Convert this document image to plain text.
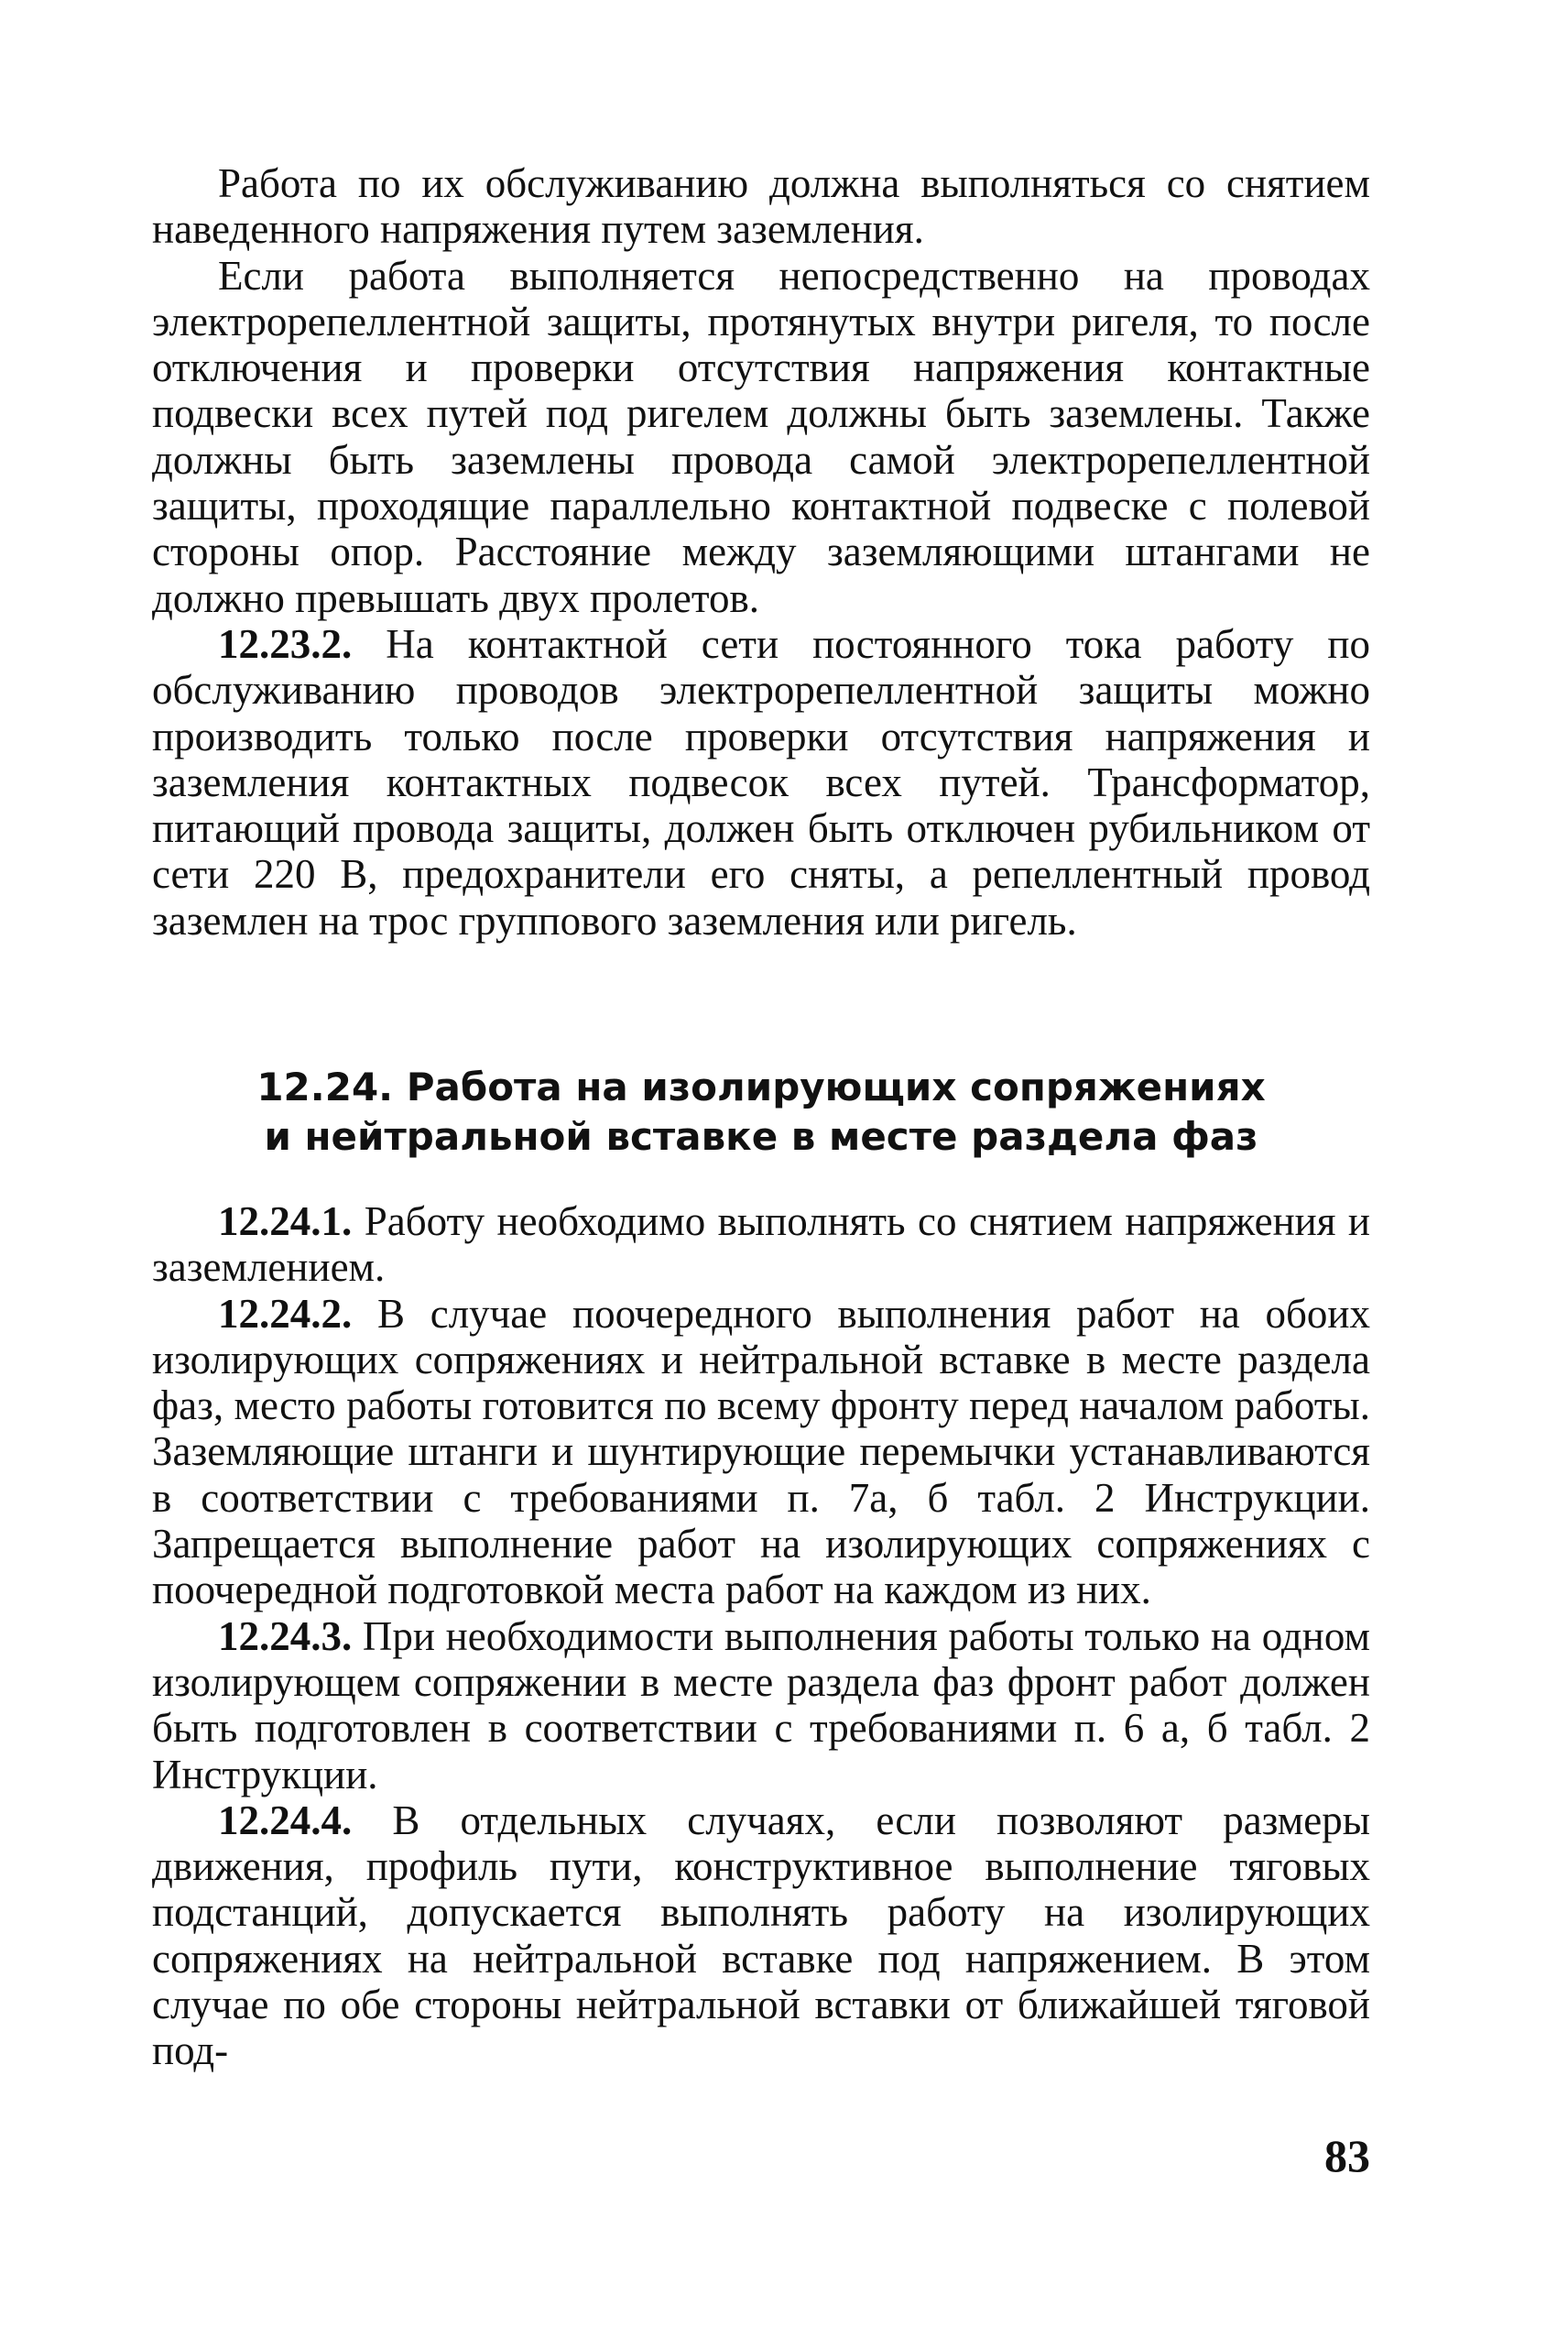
Работа по их обслуживанию должна выполняться со снятием наведенного напряжения путем заземления.

Если работа выполняется непосредственно на проводах электрорепеллентной защиты, протянутых внутри ригеля, то после отключения и проверки отсутствия напряжения контактные подвески всех путей под ригелем должны быть заземлены. Также должны быть заземлены провода самой электрорепеллентной защиты, проходящие параллельно контактной подвеске с полевой стороны опор. Расстояние между заземляющими штангами не должно превышать двух пролетов.

12.23.2. На контактной сети постоянного тока работу по обслуживанию проводов электрорепеллентной защиты можно производить только после проверки отсутствия напряжения и заземления контактных подвесок всех путей. Трансформатор, питающий провода защиты, должен быть отключен рубильником от сети 220 В, предохранители его сняты, а репеллентный провод заземлен на трос группового заземления или ригель.

12.24. Работа на изолирующих сопряжениях
и нейтральной вставке в месте раздела фаз

12.24.1. Работу необходимо выполнять со снятием напряжения и заземлением.

12.24.2. В случае поочередного выполнения работ на обоих изолирующих сопряжениях и нейтральной вставке в месте раздела фаз, место работы готовится по всему фронту перед началом работы. Заземляющие штанги и шунтирующие перемычки устанавливаются в соответствии с требованиями п. 7а, б табл. 2 Инструкции. Запрещается выполнение работ на изолирующих сопряжениях с поочередной подготовкой места работ на каждом из них.

12.24.3. При необходимости выполнения работы только на одном изолирующем сопряжении в месте раздела фаз фронт работ должен быть подготовлен в соответствии с требованиями п. 6 а, б табл. 2 Инструкции.

12.24.4. В отдельных случаях, если позволяют размеры движения, профиль пути, конструктивное выполнение тяговых подстанций, допускается выполнять работу на изолирующих сопряжениях на нейтральной вставке под напряжением. В этом случае по обе стороны нейтральной вставки от ближайшей тяговой под-

83
